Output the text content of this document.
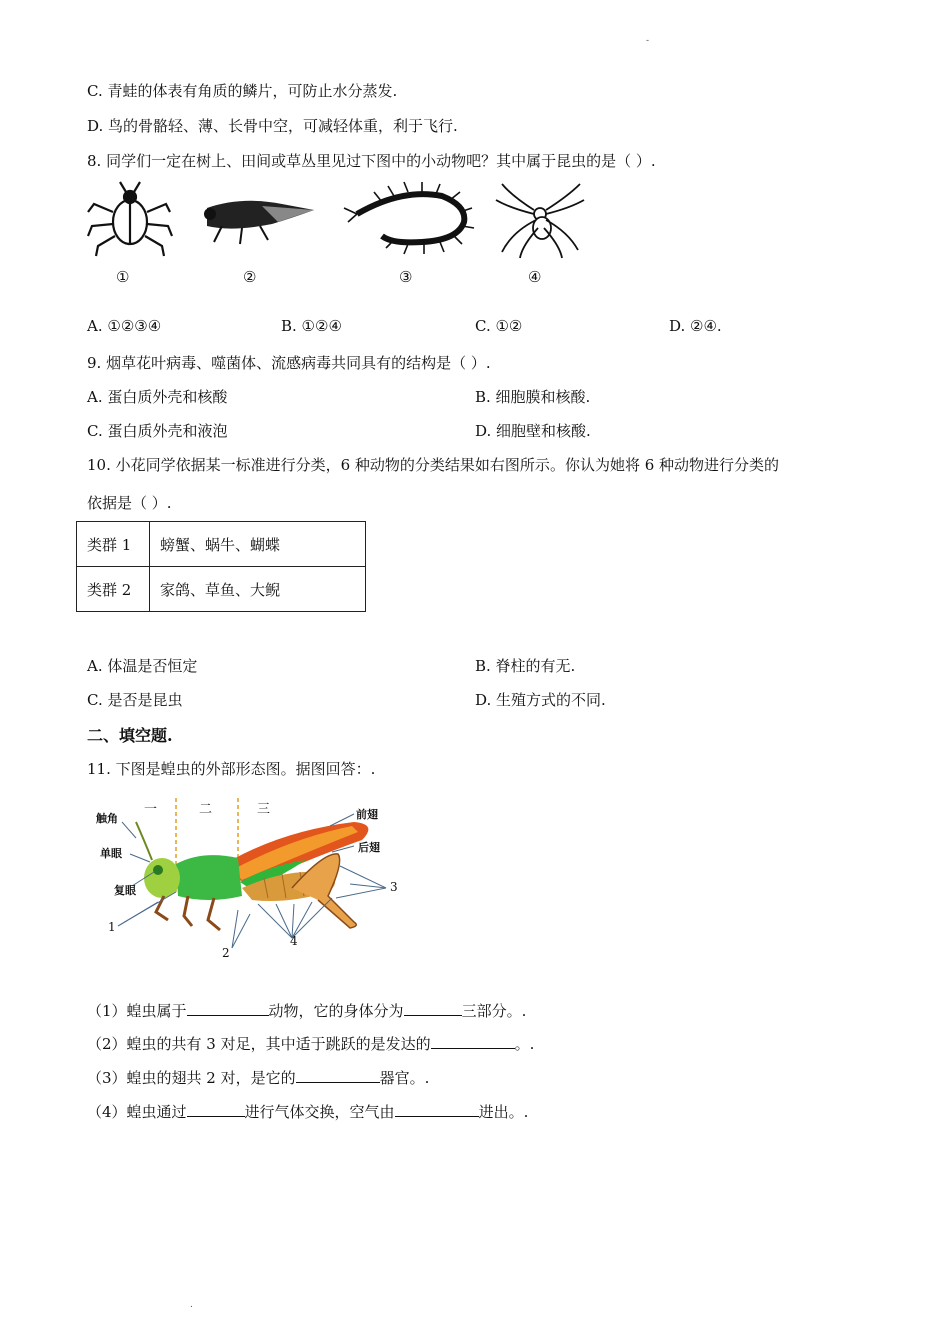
-
C. 青蛙的体表有角质的鳞片，可防止水分蒸发.
D. 鸟的骨骼轻、薄、长骨中空，可减轻体重，利于飞行.
8. 同学们一定在树上、田间或草丛里见过下图中的小动物吧？其中属于昆虫的是（ ）.
①	②	③	④
A. ①②③④	B. ①②④	C. ①②	D. ②④.
9. 烟草花叶病毒、噬菌体、流感病毒共同具有的结构是（ ）.
A. 蛋白质外壳和核酸	B. 细胞膜和核酸.
C. 蛋白质外壳和液泡	D. 细胞壁和核酸.
10. 小花同学依据某一标准进行分类，6 种动物的分类结果如右图所示。你认为她将 6 种动物进行分类的
依据是（ ）.
类群 1	螃蟹、蜗牛、蝴蝶
类群 2	家鸽、草鱼、大鲵
A. 体温是否恒定	B. 脊柱的有无.
C. 是否是昆虫	D. 生殖方式的不同.
二、填空题.
11. 下图是蝗虫的外部形态图。据图回答：.
一	二	三
触角
单眼
复眼
前翅
后翅
1
2
3
4
（1）蝗虫属于	动物，它的身体分为	三部分。.
（2）蝗虫的共有 3 对足，其中适于跳跃的是发达的	。.
（3）蝗虫的翅共 2 对，是它的	器官。.
（4）蝗虫通过	进行气体交换，空气由	进出。.
.
